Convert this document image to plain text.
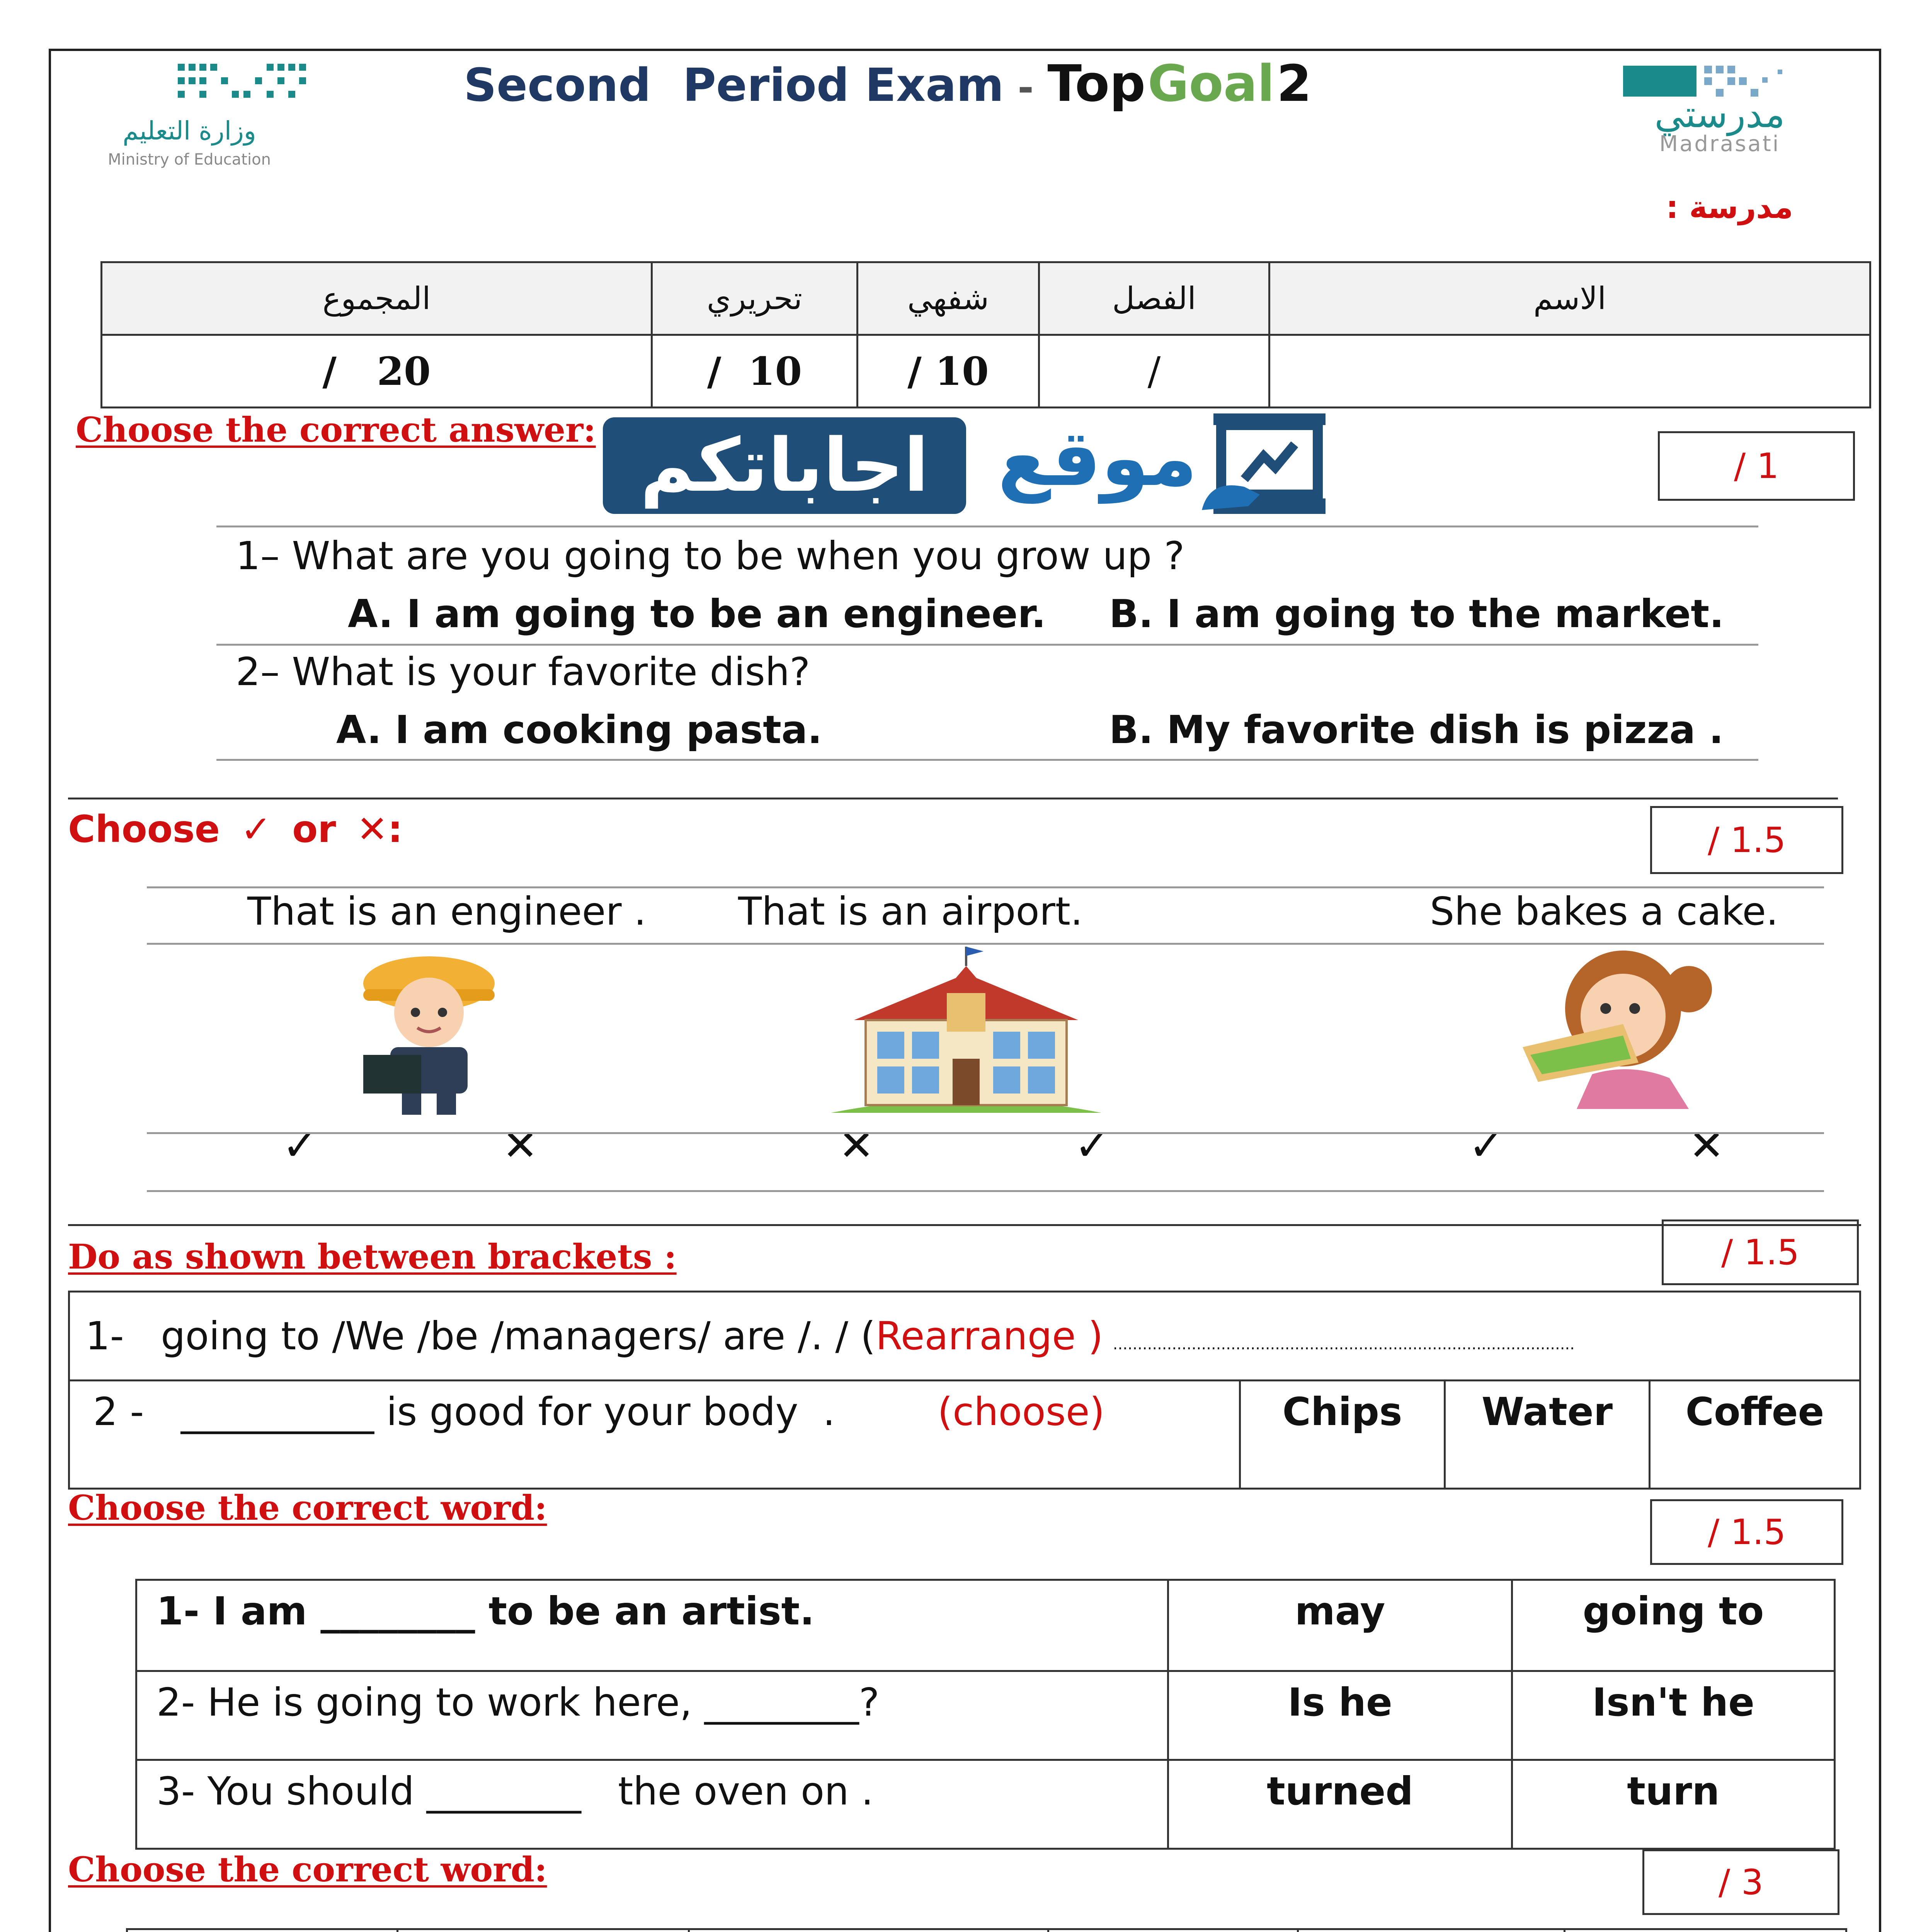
وزارة التعليم
Ministry of Education
Second  Period Exam - Top Goal 2
مدرستي
Madrasati
مدرسة :
المجموع	تحريري	شفهي	الفصل	الاسم
/   20	/  10	/ 10	/	
Choose the correct answer: اجاباتكم موقع	/ 1
1– What are you going to be when you grow up ?
A. I am going to be an engineer. B. I am going to the market.
2– What is your favorite dish?
A. I am cooking pasta.	B. My favorite dish is pizza .
Choose ✓ or ✕:	/ 1.5
That is an engineer . That is an airport.	She bakes a cake.
✓	✕	✕	✓	✓	✕
Do as shown between brackets :	/ 1.5
1-   going to /We /be /managers/ are /. / (Rearrange ) ..............................................................................................
2 -   __________ is good for your body  .	(choose)	Chips	Water	Coffee
Choose the correct word:
/ 1.5
1- I am ________ to be an artist.	may	going to
2- He is going to work here, ________?	Is he	Isn't he
3- You should ________   the oven on .	turned	turn
Choose the correct word:	/ 3
